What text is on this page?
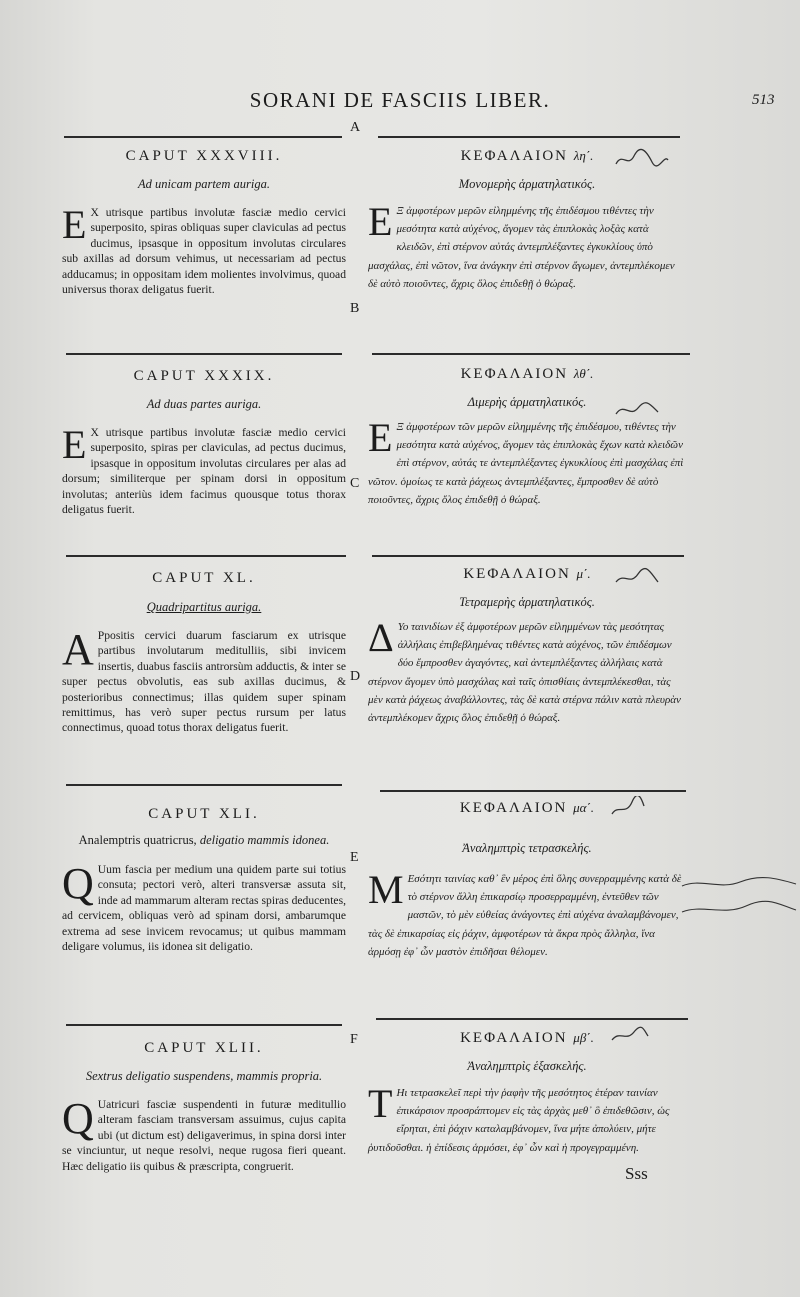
SORANI DE FASCIIS LIBER.	513
A
B
C
D
E
F

CAPUT XXXVIII.

Ad unicam partem auriga.

E X utrisque partibus involutæ fasciæ medio cervici superposito, spiras obliquas super claviculas ad pectus ducimus, ipsasque in oppositum involutas circulares sub axillas ad dorsum vehimus, ut necessariam ad pectus adducamus; in oppositam idem molientes involvimus, quoad universus thorax deligatus fuerit.

CAPUT XXXIX.

Ad duas partes auriga.

E X utrisque partibus involutæ fasciæ medio cervici superposito, spiras per claviculas, ad pectus ducimus, ipsasque in oppositum involutas circulares per alas ad dorsum; similiterque per spinam dorsi in oppositum involutas; anteriùs idem facimus quousque totus thorax deligatus fuerit.

CAPUT XL.

Quadripartitus auriga.

A Ppositis cervici duarum fasciarum ex utrisque partibus involutarum meditulliis, sibi invicem insertis, duabus fasciis antrorsùm adductis, & inter se super pectus obvolutis, eas sub axillas ducimus, & posterioribus connectimus; illas quidem super spinam remittimus, has verò super pectus rursum per latus connectimus, quoad totus thorax deligatus fuerit.

CAPUT XLI.

Analemptris quatricrus, deligatio mammis idonea.

Q Uum fascia per medium una quidem parte sui totius consuta; pectori verò, alteri transversæ assuta sit, inde ad mammarum alteram rectas spiras deducentes, ad cervicem, obliquas verò ad spinam dorsi, ambarumque extrema ad sese invicem revocamus; ut quibus mammam deligare volumus, iis idonea sit deligatio.

CAPUT XLII.

Sextrus deligatio suspendens, mammis propria.

Q Uatricuri fasciæ suspendenti in futuræ meditullio alteram fasciam transversam assuimus, cujus capita ubi (ut dictum est) deligaverimus, in spina dorsi inter se vinciuntur, ut neque resolvi, neque rugosa fieri queant. Hæc deligatio iis quibus & præscripta, congruerit.

ΚΕΦΑΛΑΙΟΝ λη΄.

Μονομερὴς ἁρματηλατικός.

Ε Ξ ἀμφοτέρων μερῶν εἰλημμένης τῆς ἐπιδέσμου τιθέντες τὴν μεσότητα κατὰ αὐχένος, ἄγομεν τὰς ἐπιπλοκὰς λοξὰς κατὰ κλειδῶν, ἐπὶ στέρνον αὐτάς ἀντεμπλέξαντες ἐγκυκλίους ὑπὸ μασχάλας, ἐπὶ νῶτον, ἵνα ἀνάγκην ἐπὶ στέρνον ἄγωμεν, ἀντεμπλέκομεν δὲ αὐτὸ ποιοῦντες, ἄχρις ὅλος ἐπιδεθῇ ὁ θώραξ.

ΚΕΦΑΛΑΙΟΝ λθ΄.

Διμερὴς ἁρματηλατικός.

Ε Ξ ἀμφοτέρων τῶν μερῶν εἰλημμένης τῆς ἐπιδέσμου, τιθέντες τὴν μεσότητα κατὰ αὐχένος, ἄγομεν τὰς ἐπιπλοκὰς ἔχων κατὰ κλειδῶν ἐπὶ στέρνον, αὐτάς τε ἀντεμπλέξαντες ἐγκυκλίους ἐπὶ μασχάλας ἐπὶ νῶτον. ὁμοίως τε κατὰ ῥάχεως ἀντεμπλέξαντες, ἔμπροσθεν δὲ αὐτὸ ποιοῦντες, ἄχρις ὅλος ἐπιδεθῇ ὁ θώραξ.

ΚΕΦΑΛΑΙΟΝ μ΄.

Τετραμερὴς ἁρματηλατικός.

Δ Υο ταινιδίων ἐξ ἀμφοτέρων μερῶν εἰλημμένων τὰς μεσότητας ἀλλήλαις ἐπιβεβλημένας τιθέντες κατὰ αὐχένος, τῶν ἐπιδέσμων δύο ἔμπροσθεν ἀγαγόντες, καὶ ἀντεμπλέξαντες ἀλλήλαις κατὰ στέρνον ἄγομεν ὑπὸ μασχάλας καὶ ταῖς ὀπισθίαις ἀντεμπλέκεσθαι, τὰς μὲν κατὰ ῥάχεως ἀναβάλλοντες, τὰς δὲ κατὰ στέρνα πάλιν κατὰ πλευρὰν ἀντεμπλέκομεν ἄχρις ὅλος ἐπιδεθῇ ὁ θώραξ.

ΚΕΦΑΛΑΙΟΝ μα΄.

Ἀναλημπτρὶς τετρασκελής.

Μ Εσότητι ταινίας καθ᾽ ἓν μέρος ἐπὶ ὅλης συνερραμμένης κατὰ δὲ τὸ στέρνον ἄλλη ἐπικαρσίῳ προσερραμμένη, ἐντεῦθεν τῶν μαστῶν, τὸ μὲν εὐθείας ἀνάγοντες ἐπὶ αὐχένα ἀναλαμβάνομεν, τὰς δὲ ἐπικαρσίας εἰς ῥάχιν, ἀμφοτέρων τὰ ἄκρα πρὸς ἄλληλα, ἵνα ἁρμόσῃ ἐφ᾽ ὧν μαστὸν ἐπιδῆσαι θέλομεν.

ΚΕΦΑΛΑΙΟΝ μβ΄.

Ἀναλημπτρὶς ἑξασκελής.

Τ Ηι τετρασκελεῖ περὶ τὴν ῥαφὴν τῆς μεσότητος ἑτέραν ταινίαν ἐπικάρσιον προσράπτομεν εἰς τὰς ἀρχὰς μεθ᾽ ὃ ἐπιδεθῶσιν, ὡς εἴρηται, ἐπὶ ῥάχιν καταλαμβάνομεν, ἵνα μήτε ἀπολύειν, μήτε ῥυτιδοῦσθαι. ἡ ἐπίδεσις ἁρμόσει, ἐφ᾽ ὧν καὶ ἡ προγεγραμμένη.

Sss
